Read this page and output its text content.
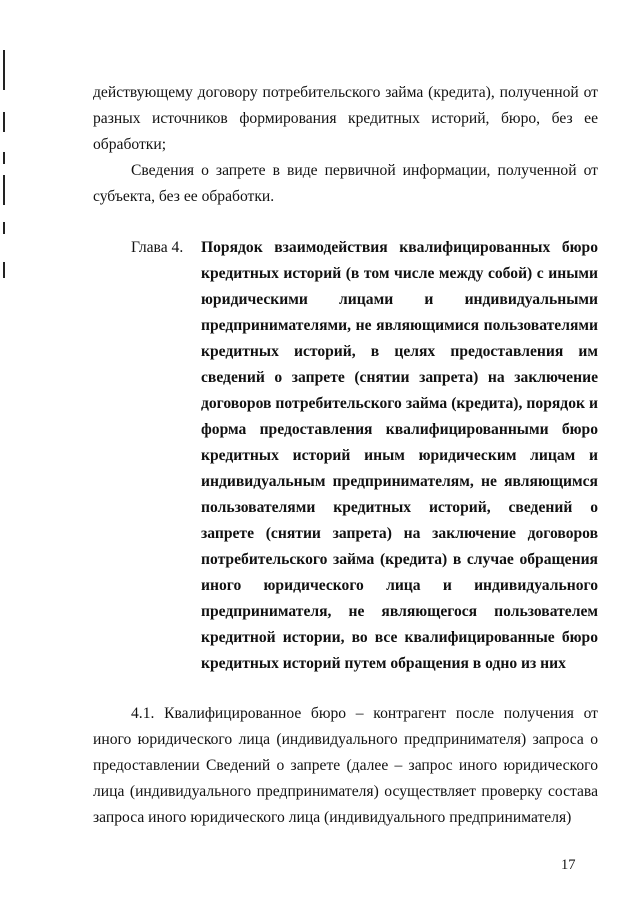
действующему договору потребительского займа (кредита), полученной от разных источников формирования кредитных историй, бюро, без ее обработки;

Сведения о запрете в виде первичной информации, полученной от субъекта, без ее обработки.

Глава 4.	Порядок взаимодействия квалифицированных бюро кредитных историй (в том числе между собой) с иными юридическими лицами и индивидуальными предпринимателями, не являющимися пользователями кредитных историй, в целях предоставления им сведений о запрете (снятии запрета) на заключение договоров потребительского займа (кредита), порядок и форма предоставления квалифицированными бюро кредитных историй иным юридическим лицам и индивидуальным предпринимателям, не являющимся пользователями кредитных историй, сведений о запрете (снятии запрета) на заключение договоров потребительского займа (кредита) в случае обращения иного юридического лица и индивидуального предпринимателя, не являющегося пользователем кредитной истории, во все квалифицированные бюро кредитных историй путем обращения в одно из них

4.1. Квалифицированное бюро – контрагент после получения от иного юридического лица (индивидуального предпринимателя) запроса о предоставлении Сведений о запрете (далее – запрос иного юридического лица (индивидуального предпринимателя) осуществляет проверку состава запроса иного юридического лица (индивидуального предпринимателя)

17
